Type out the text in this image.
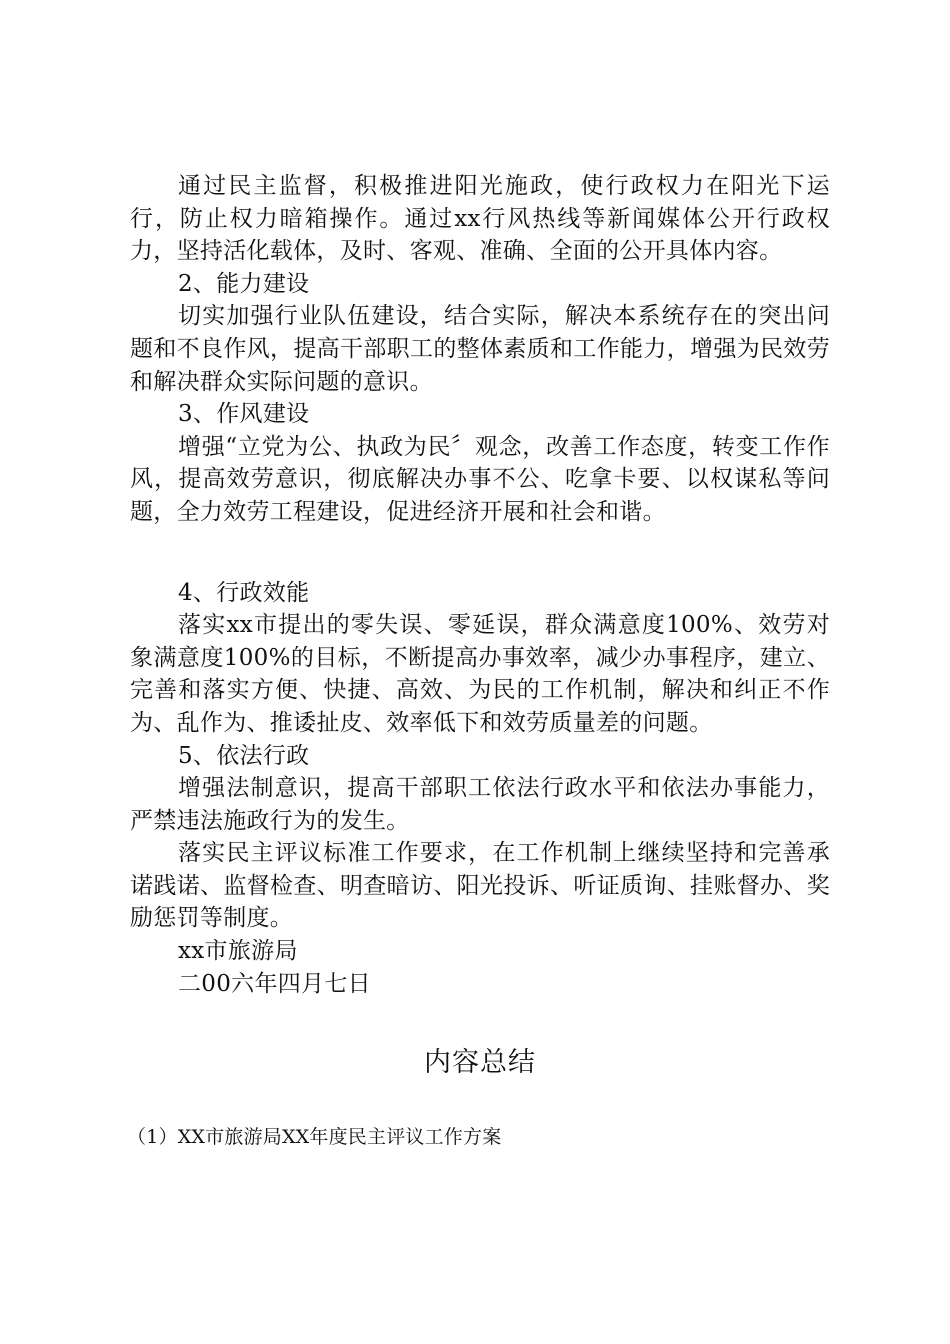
通过民主监督，积极推进阳光施政，使行政权力在阳光下运行，防止权力暗箱操作。通过xx行风热线等新闻媒体公开行政权力，坚持活化载体，及时、客观、准确、全面的公开具体内容。

2、能力建设

切实加强行业队伍建设，结合实际，解决本系统存在的突出问题和不良作风，提高干部职工的整体素质和工作能力，增强为民效劳和解决群众实际问题的意识。

3、作风建设

增强“立党为公、执政为民〞观念，改善工作态度，转变工作作风，提高效劳意识，彻底解决办事不公、吃拿卡要、以权谋私等问题，全力效劳工程建设，促进经济开展和社会和谐。

4、行政效能

落实xx市提出的零失误、零延误，群众满意度100%、效劳对象满意度100%的目标，不断提高办事效率，减少办事程序，建立、完善和落实方便、快捷、高效、为民的工作机制，解决和纠正不作为、乱作为、推诿扯皮、效率低下和效劳质量差的问题。

5、依法行政

增强法制意识，提高干部职工依法行政水平和依法办事能力，严禁违法施政行为的发生。

落实民主评议标准工作要求，在工作机制上继续坚持和完善承诺践诺、监督检查、明查暗访、阳光投诉、听证质询、挂账督办、奖励惩罚等制度。

xx市旅游局

二00六年四月七日

内容总结
（1）XX市旅游局XX年度民主评议工作方案
